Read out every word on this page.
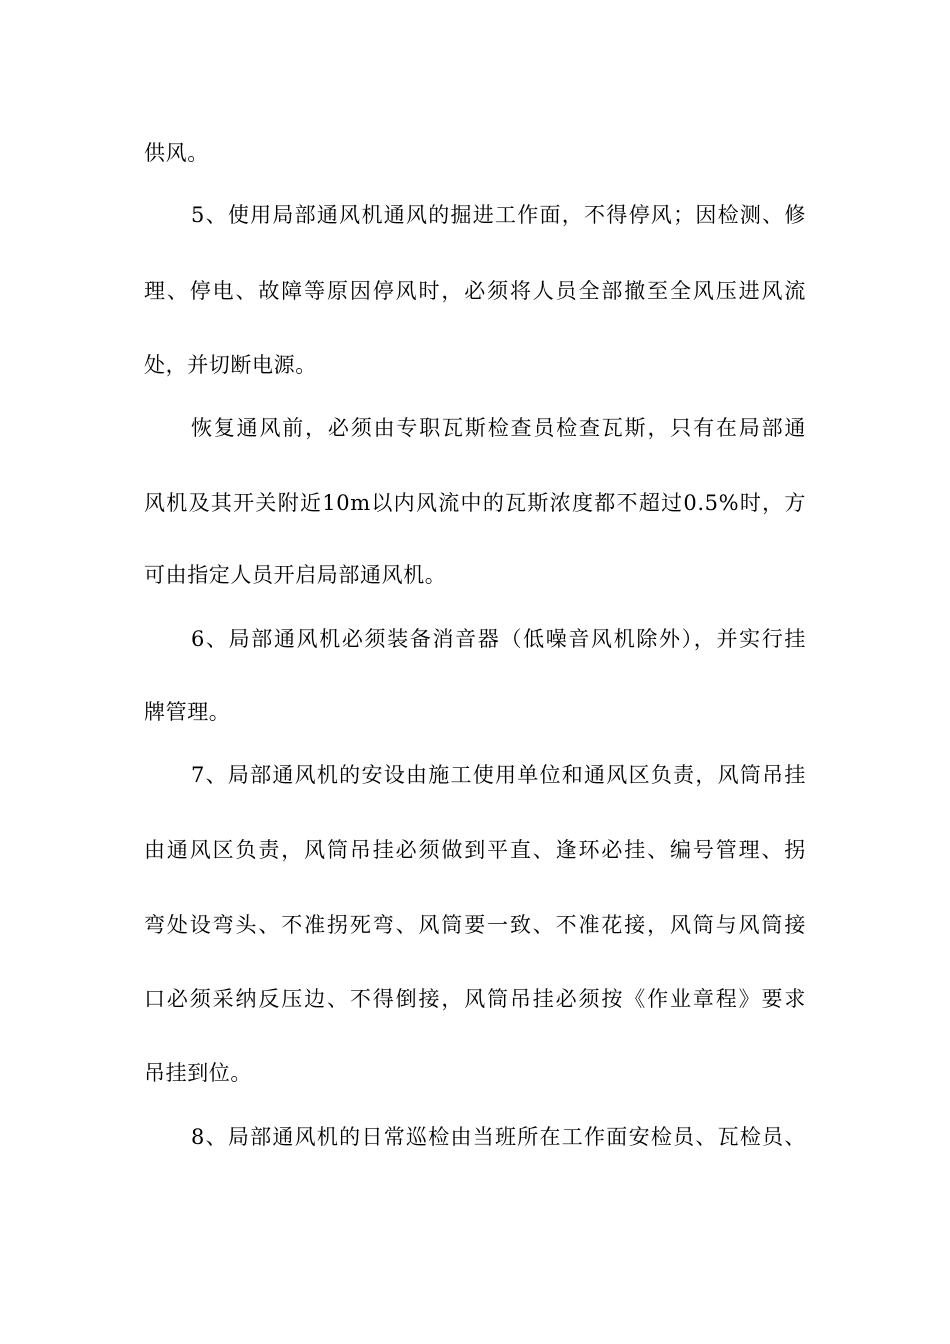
供风。
5、使用局部通风机通风的掘进工作面，不得停风；因检测、修
理、停电、故障等原因停风时，必须将人员全部撤至全风压进风流
处，并切断电源。
恢复通风前，必须由专职瓦斯检查员检查瓦斯，只有在局部通
风机及其开关附近10m以内风流中的瓦斯浓度都不超过0.5%时，方
可由指定人员开启局部通风机。
6、局部通风机必须装备消音器（低噪音风机除外），并实行挂
牌管理。
7、局部通风机的安设由施工使用单位和通风区负责，风筒吊挂
由通风区负责，风筒吊挂必须做到平直、逢环必挂、编号管理、拐
弯处设弯头、不准拐死弯、风筒要一致、不准花接，风筒与风筒接
口必须采纳反压边、不得倒接，风筒吊挂必须按《作业章程》要求
吊挂到位。
8、局部通风机的日常巡检由当班所在工作面安检员、瓦检员、
